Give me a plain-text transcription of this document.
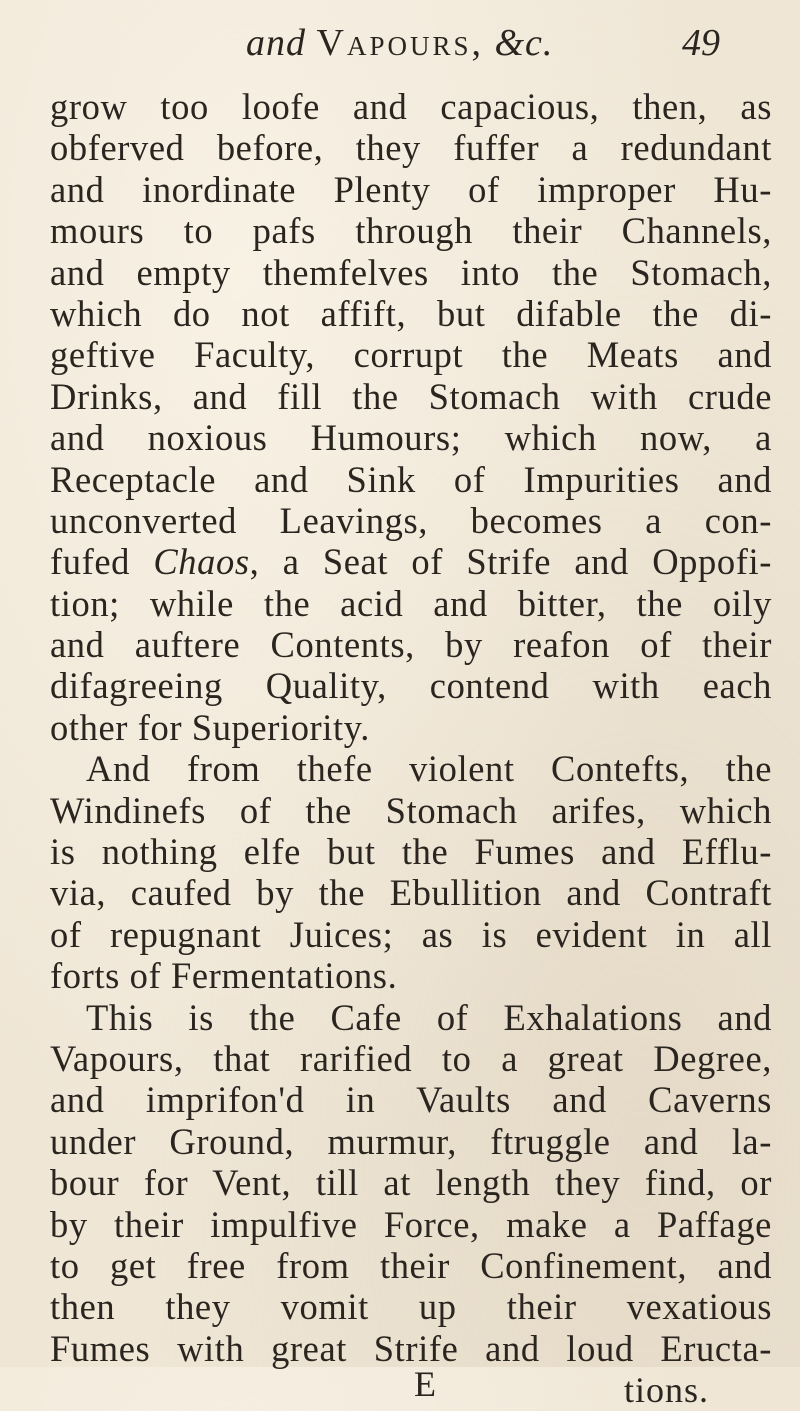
and Vapours, &c.	49
grow too loofe and capacious, then, as
obferved before, they fuffer a redundant
and inordinate Plenty of improper Hu-
mours to pafs through their Channels,
and empty themfelves into the Stomach,
which do not affift, but difable the di-
geftive Faculty, corrupt the Meats and
Drinks, and fill the Stomach with crude
and noxious Humours; which now, a
Receptacle and Sink of Impurities and
unconverted Leavings, becomes a con-
fufed Chaos, a Seat of Strife and Oppofi-
tion; while the acid and bitter, the oily
and auftere Contents, by reafon of their
difagreeing Quality, contend with each
other for Superiority.
And from thefe violent Contefts, the
Windinefs of the Stomach arifes, which
is nothing elfe but the Fumes and Efflu-
via, caufed by the Ebullition and Contraft
of repugnant Juices; as is evident in all
forts of Fermentations.
This is the Cafe of Exhalations and
Vapours, that rarified to a great Degree,
and imprifon'd in Vaults and Caverns
under Ground, murmur, ftruggle and la-
bour for Vent, till at length they find, or
by their impulfive Force, make a Paffage
to get free from their Confinement, and
then they vomit up their vexatious
Fumes with great Strife and loud Eructa-
E	tions.
